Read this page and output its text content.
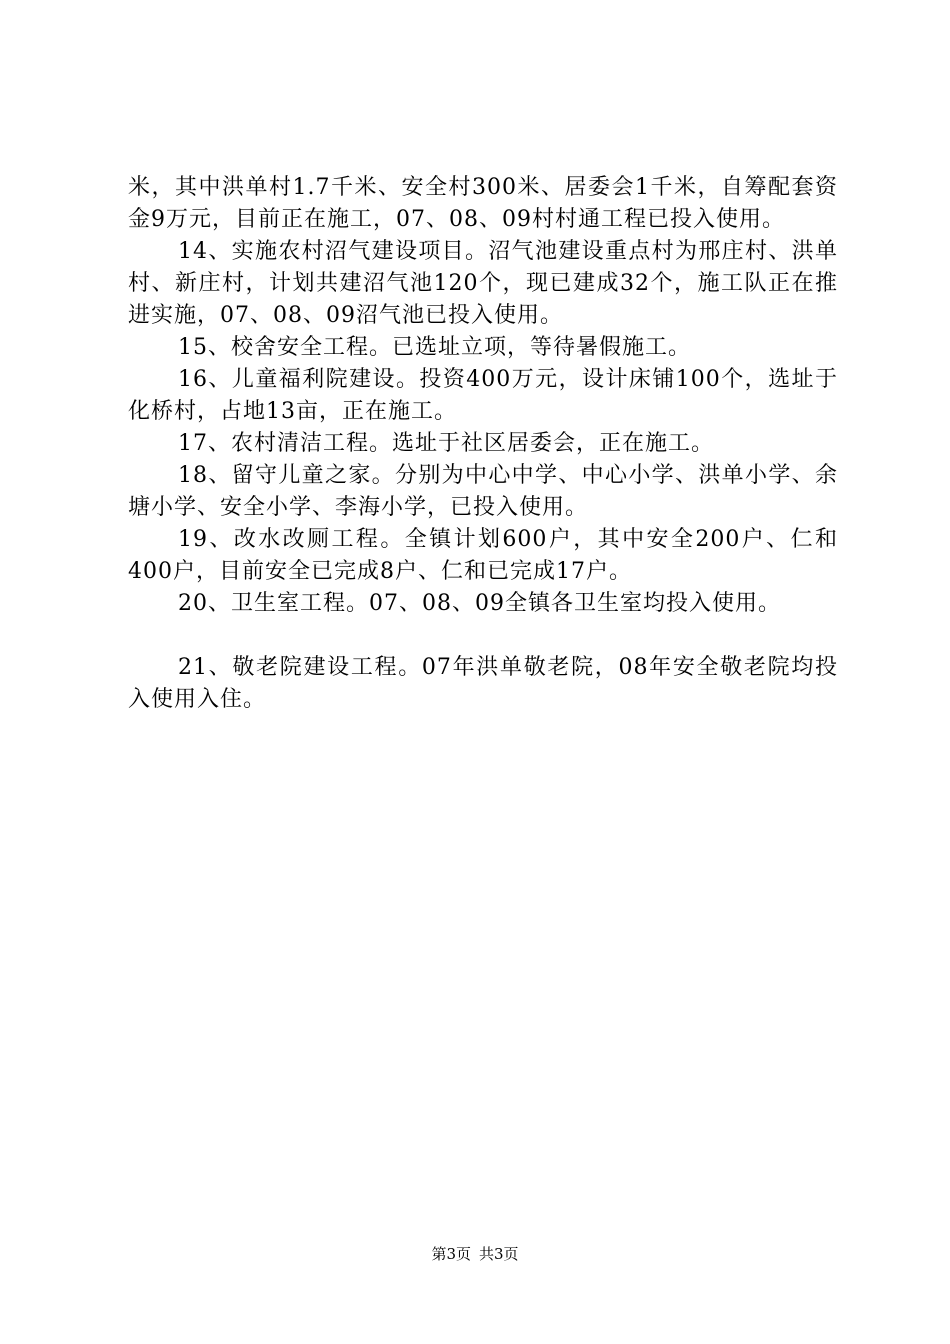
米，其中洪单村1.7千米、安全村300米、居委会1千米，自筹配套资金9万元，目前正在施工，07、08、09村村通工程已投入使用。

14、实施农村沼气建设项目。沼气池建设重点村为邢庄村、洪单村、新庄村，计划共建沼气池120个，现已建成32个，施工队正在推进实施，07、08、09沼气池已投入使用。

15、校舍安全工程。已选址立项，等待暑假施工。

16、儿童福利院建设。投资400万元，设计床铺100个，选址于化桥村，占地13亩，正在施工。

17、农村清洁工程。选址于社区居委会，正在施工。

18、留守儿童之家。分别为中心中学、中心小学、洪单小学、余塘小学、安全小学、李海小学，已投入使用。

19、改水改厕工程。全镇计划600户，其中安全200户、仁和400户，目前安全已完成8户、仁和已完成17户。

20、卫生室工程。07、08、09全镇各卫生室均投入使用。

21、敬老院建设工程。07年洪单敬老院，08年安全敬老院均投入使用入住。

第3页 共3页
